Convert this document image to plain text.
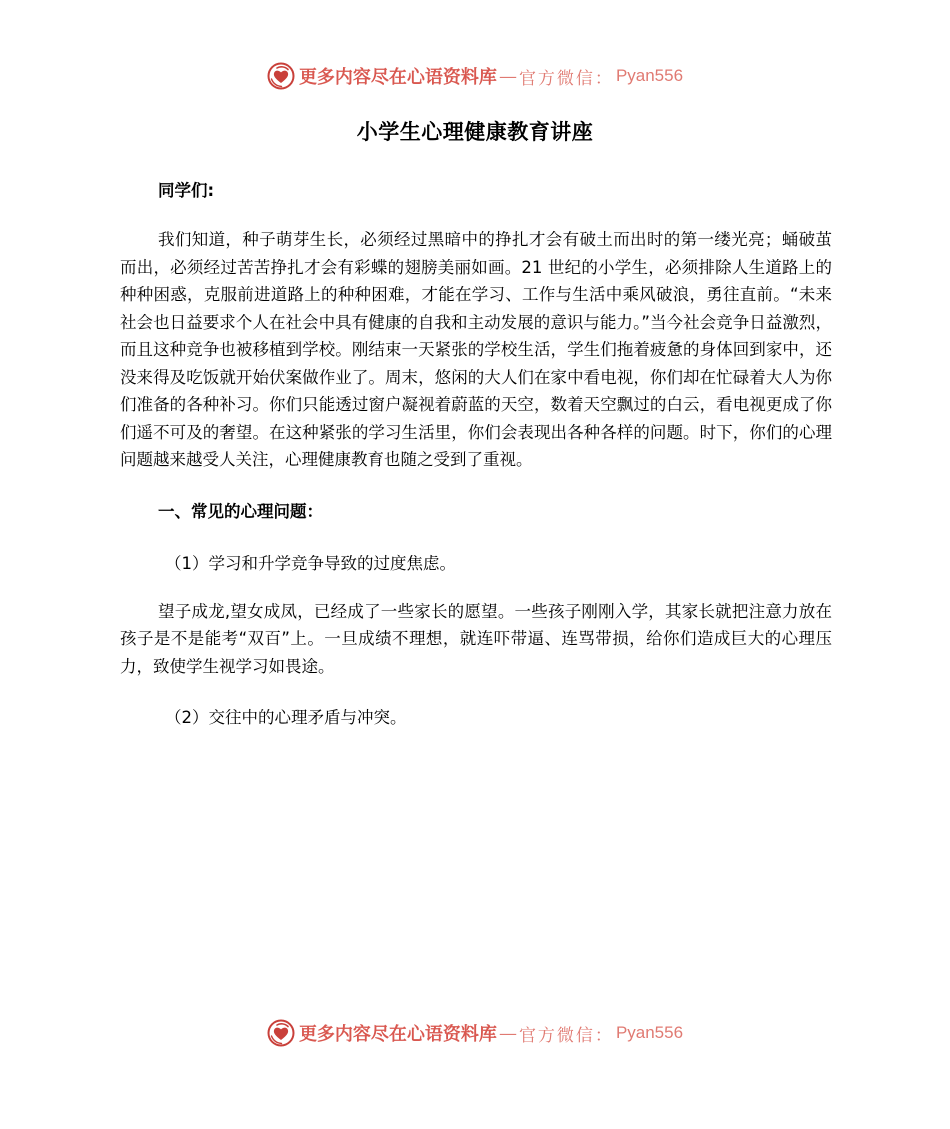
更多内容尽在心语资料库 — 官方微信： Pyan556
小学生心理健康教育讲座

同学们:

我们知道，种子萌芽生长，必须经过黑暗中的挣扎才会有破土而出时的第一缕光亮；蛹破茧而出，必须经过苦苦挣扎才会有彩蝶的翅膀美丽如画。21 世纪的小学生，必须排除人生道路上的种种困惑，克服前进道路上的种种困难，才能在学习、工作与生活中乘风破浪，勇往直前。“未来社会也日益要求个人在社会中具有健康的自我和主动发展的意识与能力。”当今社会竞争日益激烈，而且这种竞争也被移植到学校。刚结束一天紧张的学校生活，学生们拖着疲惫的身体回到家中，还没来得及吃饭就开始伏案做作业了。周末，悠闲的大人们在家中看电视，你们却在忙碌着大人为你们准备的各种补习。你们只能透过窗户凝视着蔚蓝的天空，数着天空飘过的白云，看电视更成了你们遥不可及的奢望。在这种紧张的学习生活里，你们会表现出各种各样的问题。时下，你们的心理问题越来越受人关注，心理健康教育也随之受到了重视。

一、常见的心理问题：

（1）学习和升学竞争导致的过度焦虑。

望子成龙,望女成凤，已经成了一些家长的愿望。一些孩子刚刚入学，其家长就把注意力放在孩子是不是能考“双百”上。一旦成绩不理想，就连吓带逼、连骂带损，给你们造成巨大的心理压力，致使学生视学习如畏途。

（2）交往中的心理矛盾与冲突。

更多内容尽在心语资料库 — 官方微信： Pyan556
